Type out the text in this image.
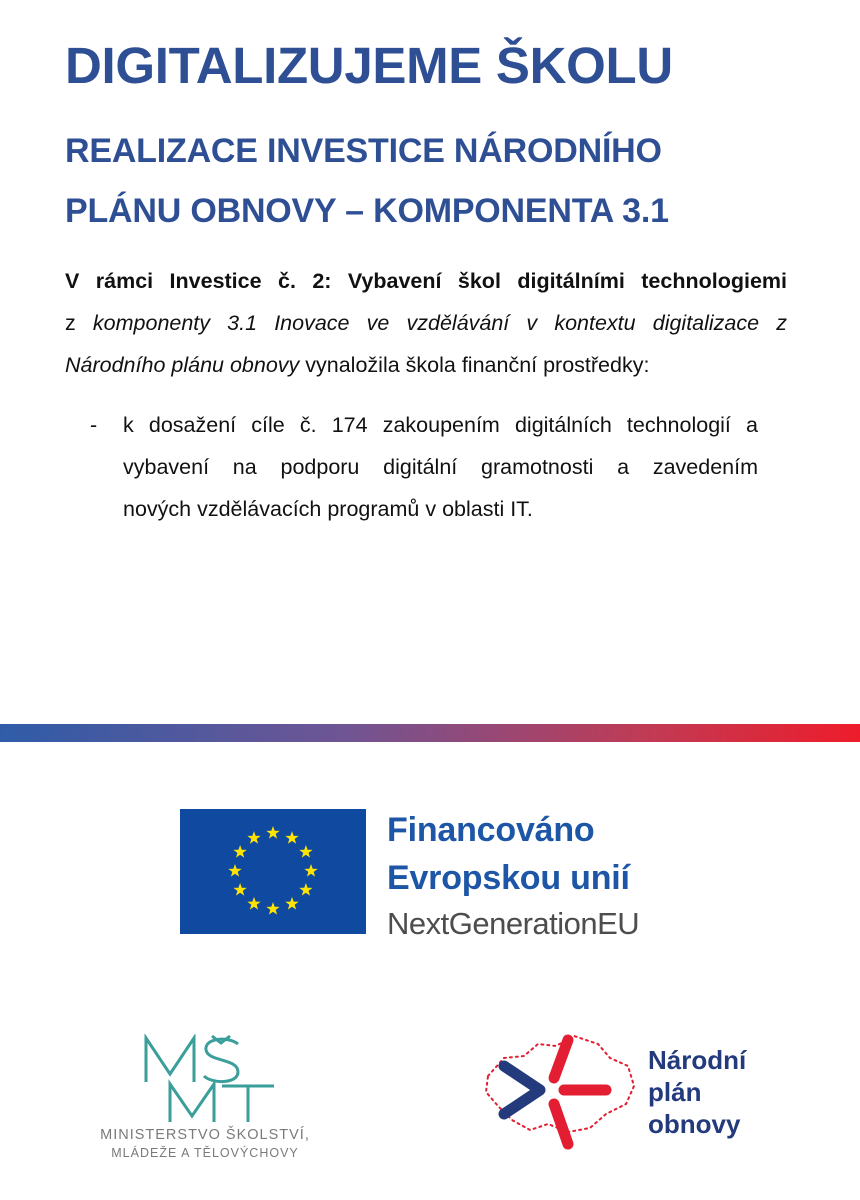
DIGITALIZUJEME ŠKOLU
REALIZACE INVESTICE NÁRODNÍHO
PLÁNU OBNOVY – KOMPONENTA 3.1
V rámci Investice č. 2: Vybavení škol digitálními technologiemi
z komponenty 3.1 Inovace ve vzdělávání v kontextu digitalizace z
Národního plánu obnovy vynaložila škola finanční prostředky:
- k dosažení cíle č. 174 zakoupením digitálních technologií a
vybavení na podporu digitální gramotnosti a zavedením
nových vzdělávacích programů v oblasti IT.
Financováno
Evropskou unií
NextGenerationEU
MINISTERSTVO ŠKOLSTVÍ,
MLÁDEŽE A TĚLOVÝCHOVY
Národní
plán
obnovy
